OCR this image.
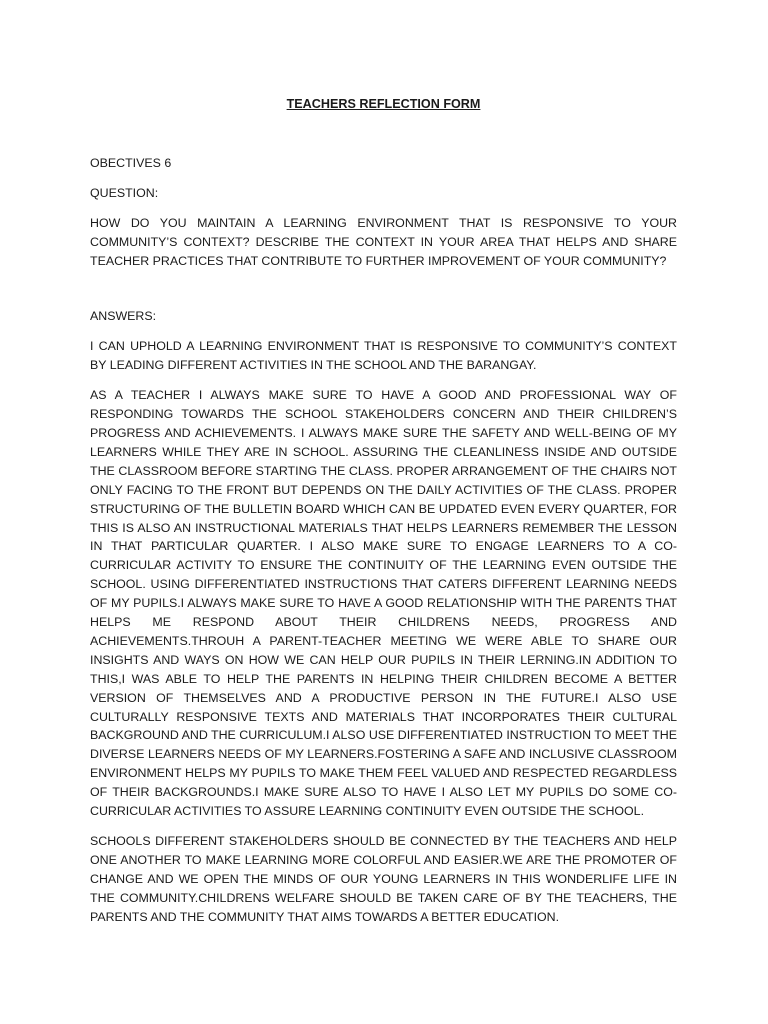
TEACHERS REFLECTION FORM
OBECTIVES 6
QUESTION:
HOW DO YOU MAINTAIN A LEARNING ENVIRONMENT THAT IS RESPONSIVE TO YOUR COMMUNITY’S CONTEXT? DESCRIBE THE CONTEXT IN YOUR AREA THAT HELPS AND SHARE TEACHER PRACTICES THAT CONTRIBUTE TO FURTHER IMPROVEMENT OF YOUR COMMUNITY?
ANSWERS:
I CAN UPHOLD A LEARNING ENVIRONMENT THAT IS RESPONSIVE TO COMMUNITY’S CONTEXT BY LEADING DIFFERENT ACTIVITIES IN THE SCHOOL AND THE BARANGAY.
AS A TEACHER I ALWAYS MAKE SURE TO HAVE A GOOD AND PROFESSIONAL WAY OF RESPONDING TOWARDS THE SCHOOL STAKEHOLDERS CONCERN AND THEIR CHILDREN’S PROGRESS AND ACHIEVEMENTS. I ALWAYS MAKE SURE THE SAFETY AND WELL-BEING OF MY LEARNERS WHILE THEY ARE IN SCHOOL. ASSURING THE CLEANLINESS INSIDE AND OUTSIDE THE CLASSROOM BEFORE STARTING THE CLASS. PROPER ARRANGEMENT OF THE CHAIRS NOT ONLY FACING TO THE FRONT BUT DEPENDS ON THE DAILY ACTIVITIES OF THE CLASS. PROPER STRUCTURING OF THE BULLETIN BOARD WHICH CAN BE UPDATED EVEN EVERY QUARTER, FOR THIS IS ALSO AN INSTRUCTIONAL MATERIALS THAT HELPS LEARNERS REMEMBER THE LESSON IN THAT PARTICULAR QUARTER. I ALSO MAKE SURE TO ENGAGE LEARNERS TO A CO-CURRICULAR ACTIVITY TO ENSURE THE CONTINUITY OF THE LEARNING EVEN OUTSIDE THE SCHOOL. USING DIFFERENTIATED INSTRUCTIONS THAT CATERS DIFFERENT LEARNING NEEDS OF MY PUPILS.I ALWAYS MAKE SURE TO HAVE A GOOD RELATIONSHIP WITH THE PARENTS THAT HELPS ME RESPOND ABOUT THEIR CHILDRENS NEEDS, PROGRESS AND ACHIEVEMENTS.THROUH A PARENT-TEACHER MEETING WE WERE ABLE TO SHARE OUR INSIGHTS AND WAYS ON HOW WE CAN HELP OUR PUPILS IN THEIR LERNING.IN ADDITION TO THIS,I WAS ABLE TO HELP THE PARENTS IN HELPING THEIR CHILDREN BECOME A BETTER VERSION OF THEMSELVES AND A PRODUCTIVE PERSON IN THE FUTURE.I ALSO USE CULTURALLY RESPONSIVE TEXTS AND MATERIALS THAT INCORPORATES THEIR CULTURAL BACKGROUND AND THE CURRICULUM.I ALSO USE DIFFERENTIATED INSTRUCTION TO MEET THE DIVERSE LEARNERS NEEDS OF MY LEARNERS.FOSTERING A SAFE AND INCLUSIVE CLASSROOM ENVIRONMENT HELPS MY PUPILS TO MAKE THEM FEEL VALUED AND RESPECTED REGARDLESS OF THEIR BACKGROUNDS.I MAKE SURE ALSO TO HAVE I ALSO LET MY PUPILS DO SOME CO-CURRICULAR ACTIVITIES TO ASSURE LEARNING CONTINUITY EVEN OUTSIDE THE SCHOOL.
SCHOOLS DIFFERENT STAKEHOLDERS SHOULD BE CONNECTED BY THE TEACHERS AND HELP ONE ANOTHER TO MAKE LEARNING MORE COLORFUL AND EASIER.WE ARE THE PROMOTER OF CHANGE AND WE OPEN THE MINDS OF OUR YOUNG LEARNERS IN THIS WONDERLIFE LIFE IN THE COMMUNITY.CHILDRENS WELFARE SHOULD BE TAKEN CARE OF BY THE TEACHERS, THE PARENTS AND THE COMMUNITY THAT AIMS TOWARDS A BETTER EDUCATION.
